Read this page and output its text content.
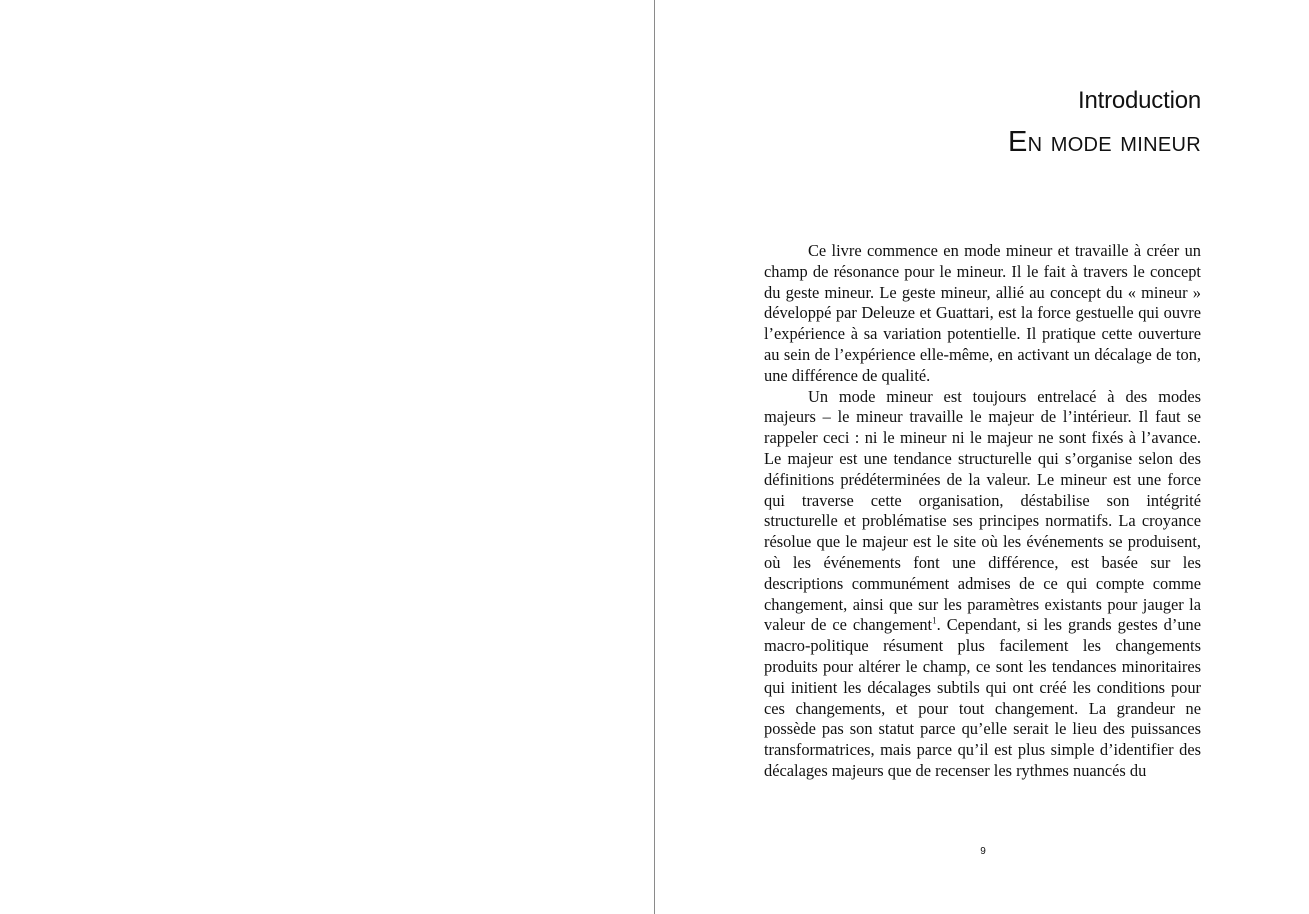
Introduction
En mode mineur

Ce livre commence en mode mineur et travaille à créer un champ de résonance pour le mineur. Il le fait à travers le concept du geste mineur. Le geste mineur, allié au concept du « mineur » développé par Deleuze et Guattari, est la force gestuelle qui ouvre l’expérience à sa variation potentielle. Il pratique cette ouverture au sein de l’expérience elle-même, en activant un décalage de ton, une différence de qualité.

Un mode mineur est toujours entrelacé à des modes majeurs – le mineur travaille le majeur de l’intérieur. Il faut se rappeler ceci : ni le mineur ni le majeur ne sont fixés à l’avance. Le majeur est une tendance structurelle qui s’organise selon des définitions prédéterminées de la valeur. Le mineur est une force qui traverse cette organisation, déstabilise son intégrité structurelle et problématise ses principes normatifs. La croyance résolue que le majeur est le site où les événements se produisent, où les événements font une différence, est basée sur les descriptions communément admises de ce qui compte comme changement, ainsi que sur les paramètres existants pour jauger la valeur de ce changement$^1$. Cependant, si les grands gestes d’une macro-politique résument plus facilement les changements produits pour altérer le champ, ce sont les tendances minoritaires qui initient les décalages subtils qui ont créé les conditions pour ces changements, et pour tout changement. La grandeur ne possède pas son statut parce qu’elle serait le lieu des puissances transformatrices, mais parce qu’il est plus simple d’identifier des décalages majeurs que de recenser les rythmes nuancés du

9
